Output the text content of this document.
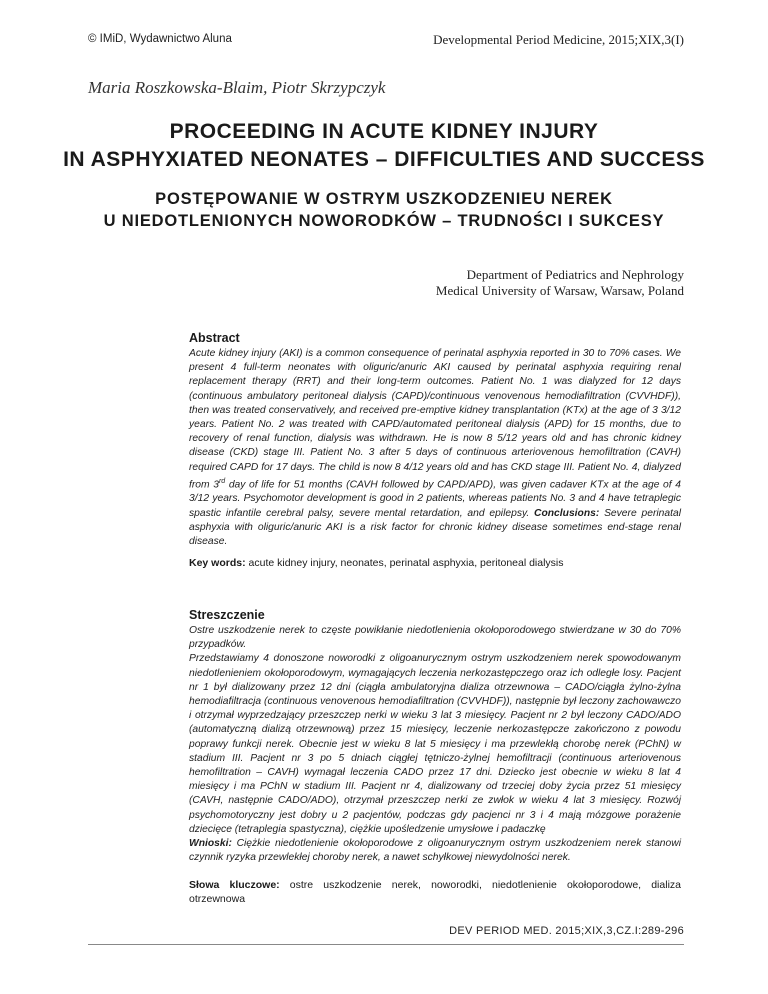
© IMiD, Wydawnictwo Aluna	Developmental Period Medicine, 2015;XIX,3(I)
Maria Roszkowska-Blaim, Piotr Skrzypczyk
PROCEEDING IN ACUTE KIDNEY INJURY
IN ASPHYXIATED NEONATES – DIFFICULTIES AND SUCCESS
POSTĘPOWANIE W OSTRYM USZKODZENIEU NEREK
U NIEDOTLENIONYCH NOWORODKÓW – TRUDNOŚCI I SUKCESY
Department of Pediatrics and Nephrology
Medical University of Warsaw, Warsaw, Poland
Abstract

Acute kidney injury (AKI) is a common consequence of perinatal asphyxia reported in 30 to 70% cases. We present 4 full-term neonates with oliguric/anuric AKI caused by perinatal asphyxia requiring renal replacement therapy (RRT) and their long-term outcomes. Patient No. 1 was dialyzed for 12 days (continuous ambulatory peritoneal dialysis (CAPD)/continuous venovenous hemodiafiltration (CVVHDF)), then was treated conservatively, and received pre-emptive kidney transplantation (KTx) at the age of 3 3/12 years. Patient No. 2 was treated with CAPD/automated peritoneal dialysis (APD) for 15 months, due to recovery of renal function, dialysis was withdrawn. He is now 8 5/12 years old and has chronic kidney disease (CKD) stage III. Patient No. 3 after 5 days of continuous arteriovenous hemofiltration (CAVH) required CAPD for 17 days. The child is now 8 4/12 years old and has CKD stage III. Patient No. 4, dialyzed from 3rd day of life for 51 months (CAVH followed by CAPD/APD), was given cadaver KTx at the age of 4 3/12 years. Psychomotor development is good in 2 patients, whereas patients No. 3 and 4 have tetraplegic spastic infantile cerebral palsy, severe mental retardation, and epilepsy. Conclusions: Severe perinatal asphyxia with oliguric/anuric AKI is a risk factor for chronic kidney disease sometimes end-stage renal disease.

Key words: acute kidney injury, neonates, perinatal asphyxia, peritoneal dialysis

Streszczenie

Ostre uszkodzenie nerek to częste powikłanie niedotlenienia okołoporodowego stwierdzane w 30 do 70% przypadków.

Przedstawiamy 4 donoszone noworodki z oligoanurycznym ostrym uszkodzeniem nerek spowodowanym niedotlenieniem okołoporodowym, wymagających leczenia nerkozastępczego oraz ich odległe losy. Pacjent nr 1 był dializowany przez 12 dni (ciągła ambulatoryjna dializa otrzewnowa – CADO/ciągła żylno-żylna hemodiafiltracja (continuous venovenous hemodiafiltration (CVVHDF)), następnie był leczony zachowawczo i otrzymał wyprzedzający przeszczep nerki w wieku 3 lat 3 miesięcy. Pacjent nr 2 był leczony CADO/ADO (automatyczną dializą otrzewnową) przez 15 miesięcy, leczenie nerkozastępcze zakończono z powodu poprawy funkcji nerek. Obecnie jest w wieku 8 lat 5 miesięcy i ma przewlekłą chorobę nerek (PChN) w stadium III. Pacjent nr 3 po 5 dniach ciągłej tętniczo-żylnej hemofiltracji (continuous arteriovenous hemofiltration – CAVH) wymagał leczenia CADO przez 17 dni. Dziecko jest obecnie w wieku 8 lat 4 miesięcy i ma PChN w stadium III. Pacjent nr 4, dializowany od trzeciej doby życia przez 51 miesięcy (CAVH, następnie CADO/ADO), otrzymał przeszczep nerki ze zwłok w wieku 4 lat 3 miesięcy. Rozwój psychomotoryczny jest dobry u 2 pacjentów, podczas gdy pacjenci nr 3 i 4 mają mózgowe porażenie dziecięce (tetraplegia spastyczna), ciężkie upośledzenie umysłowe i padaczkę

Wnioski: Ciężkie niedotlenienie okołoporodowe z oligoanurycznym ostrym uszkodzeniem nerek stanowi czynnik ryzyka przewlekłej choroby nerek, a nawet schyłkowej niewydolności nerek.

Słowa kluczowe: ostre uszkodzenie nerek, noworodki, niedotlenienie okołoporodowe, dializa otrzewnowa

DEV PERIOD MED. 2015;XIX,3,CZ.I:289-296
